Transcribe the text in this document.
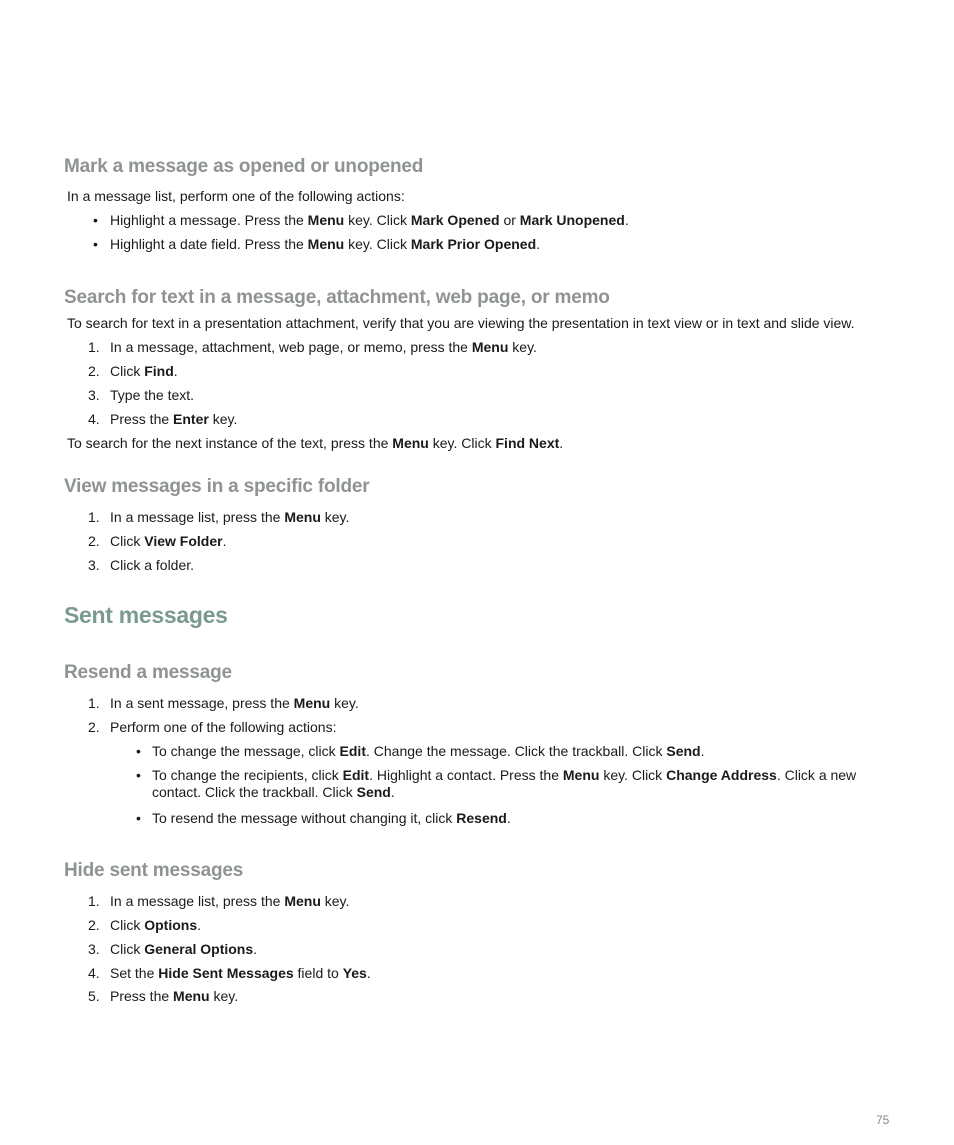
Mark a message as opened or unopened
In a message list, perform one of the following actions:
• Highlight a message. Press the Menu key. Click Mark Opened or Mark Unopened.
• Highlight a date field. Press the Menu key. Click Mark Prior Opened.
Search for text in a message, attachment, web page, or memo
To search for text in a presentation attachment, verify that you are viewing the presentation in text view or in text and slide view.
1. In a message, attachment, web page, or memo, press the Menu key.
2. Click Find.
3. Type the text.
4. Press the Enter key.
To search for the next instance of the text, press the Menu key. Click Find Next.
View messages in a specific folder
1. In a message list, press the Menu key.
2. Click View Folder.
3. Click a folder.
Sent messages
Resend a message
1. In a sent message, press the Menu key.
2. Perform one of the following actions:
• To change the message, click Edit. Change the message. Click the trackball. Click Send.
• To change the recipients, click Edit. Highlight a contact. Press the Menu key. Click Change Address. Click a new contact. Click the trackball. Click Send.
• To resend the message without changing it, click Resend.
Hide sent messages
1. In a message list, press the Menu key.
2. Click Options.
3. Click General Options.
4. Set the Hide Sent Messages field to Yes.
5. Press the Menu key.
75
